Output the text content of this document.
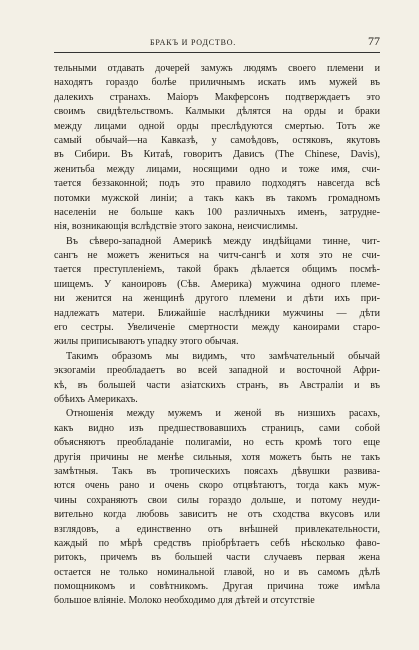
БРАКЪ И РОДСТВО.	77
тельными отдавать дочерей замужъ людямъ своего племени и
находятъ гораздо болѣе приличнымъ искать имъ мужей въ
далекихъ странахъ. Маіоръ Макферсонъ подтверждаетъ это
своимъ свидѣтельствомъ. Калмыки дѣлятся на орды и браки
между лицами одной орды преслѣдуются смертью. Тотъ же
самый обычай—на Кавказѣ, у самоѣдовъ, остяковъ, якутовъ
въ Сибири. Въ Китаѣ, говоритъ Дависъ (The Chinese, Davis),
женитьба между лицами, носящими одно и тоже имя, счи-
тается беззаконной; подъ это правило подходятъ навсегда всѣ
потомки мужской линіи; а такъ какъ въ такомъ громадномъ
населеніи не больше какъ 100 различныхъ именъ, затрудне-
нія, возникающія вслѣдствіе этого закона, неисчислимы.
Въ сѣверо-западной Америкѣ между индѣйцами тинне, чит-
сангъ не можетъ жениться на читч-сангѣ и хотя это не счи-
тается преступленіемъ, такой бракъ дѣлается общимъ посмѣ-
шищемъ. У каноировъ (Сѣв. Америка) мужчина одного племе-
ни женится на женщинѣ другого племени и дѣти ихъ при-
надлежатъ матери. Ближайшіе наслѣдники мужчины — дѣти
его сестры. Увеличеніе смертности между каноирами старо-
жилы приписываютъ упадку этого обычая.
Такимъ образомъ мы видимъ, что замѣчательный обычай
экзогаміи преобладаетъ во всей западной и восточной Афри-
кѣ, въ большей части азіатскихъ странъ, въ Австраліи и въ
обѣихъ Америкахъ.
Отношенія между мужемъ и женой въ низшихъ расахъ,
какъ видно изъ предшествовавшихъ страницъ, сами собой
объясняютъ преобладаніе полигаміи, но есть кромѣ того еще
другія причины не менѣе сильныя, хотя можетъ быть не такъ
замѣтныя. Такъ въ тропическихъ поясахъ дѣвушки развива-
ются очень рано и очень скоро отцвѣтаютъ, тогда какъ муж-
чины сохраняютъ свои силы гораздо дольше, и потому неуди-
вительно когда любовь зависитъ не отъ сходства вкусовъ или
взглядовъ, а единственно отъ внѣшней привлекательности,
каждый по мѣрѣ средствъ пріобрѣтаетъ себѣ нѣсколько фаво-
ритокъ, причемъ въ большей части случаевъ первая жена
остается не только номинальной главой, но и въ самомъ дѣлѣ
помощникомъ и совѣтникомъ. Другая причина тоже имѣла
большое вліяніе. Молоко необходимо для дѣтей и отсутствіе
